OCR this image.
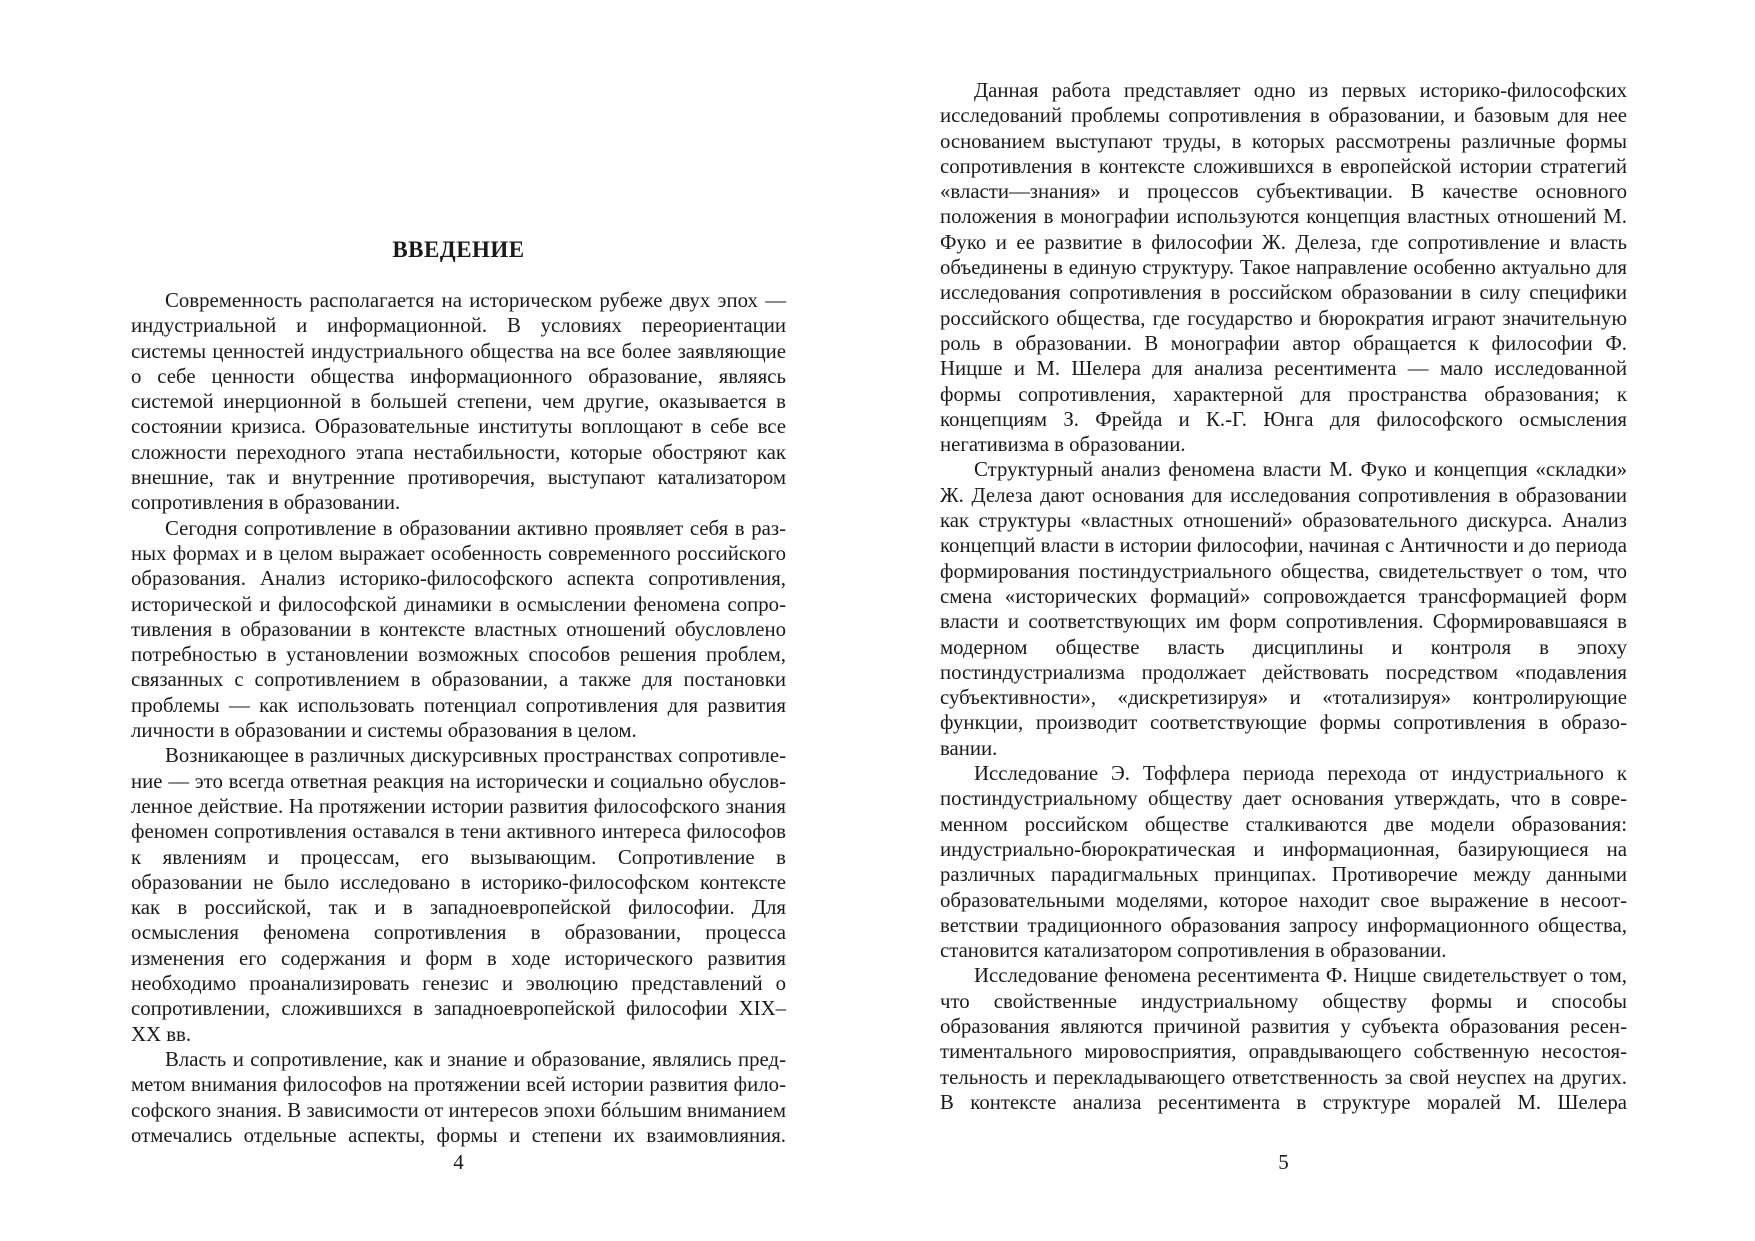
ВВЕДЕНИЕ

Современность располагается на историческом рубеже двух эпох — индустриальной и информационной. В условиях переориентации системы ценностей индустриального общества на все более заявляющие о себе ценности общества информационного образование, являясь системой инерционной в большей степени, чем другие, оказывается в состоянии кризиса. Образовательные институты воплощают в себе все сложности переходного этапа нестабильности, которые обостряют как внешние, так и внутренние противоречия, выступают катализатором сопротивления в образовании.

Сегодня сопротивление в образовании активно проявляет себя в разных формах и в целом выражает особенность современного российского образования. Анализ историко-философского аспекта сопротивления, исторической и философской динамики в осмыслении феномена сопротивления в образовании в контексте властных отношений обусловлено потребностью в установлении возможных способов решения проблем, связанных с сопротивлением в образовании, а также для постановки проблемы — как использовать потенциал сопротивления для развития личности в образовании и системы образования в целом.

Возникающее в различных дискурсивных пространствах сопротивление — это всегда ответная реакция на исторически и социально обусловленное действие. На протяжении истории развития философского знания феномен сопротивления оставался в тени активного интереса философов к явлениям и процессам, его вызывающим. Сопротивление в образовании не было исследовано в историко-философском контексте как в российской, так и в западноевропейской философии. Для осмысления феномена сопротивления в образовании, процесса изменения его содержания и форм в ходе исторического развития необходимо проанализировать генезис и эволюцию представлений о сопротивлении, сложившихся в западноевропейской философии XIX–XX вв.

Власть и сопротивление, как и знание и образование, являлись предметом внимания философов на протяжении всей истории развития философского знания. В зависимости от интересов эпохи бóльшим вниманием отмечались отдельные аспекты, формы и степени их взаимовлияния.

4

Данная работа представляет одно из первых историко-философских исследований проблемы сопротивления в образовании, и базовым для нее основанием выступают труды, в которых рассмотрены различные формы сопротивления в контексте сложившихся в европейской истории стратегий «власти—знания» и процессов субъективации. В качестве основного положения в монографии используются концепция властных отношений М. Фуко и ее развитие в философии Ж. Делеза, где сопротивление и власть объединены в единую структуру. Такое направление особенно актуально для исследования сопротивления в российском образовании в силу специфики российского общества, где государство и бюрократия играют значительную роль в образовании. В монографии автор обращается к философии Ф. Ницше и М. Шелера для анализа ресентимента — мало исследованной формы сопротивления, характерной для пространства образования; к концепциям З. Фрейда и К.-Г. Юнга для философского осмысления негативизма в образовании.

Структурный анализ феномена власти М. Фуко и концепция «складки» Ж. Делеза дают основания для исследования сопротивления в образовании как структуры «властных отношений» образовательного дискурса. Анализ концепций власти в истории философии, начиная с Античности и до периода формирования постиндустриального общества, свидетельствует о том, что смена «исторических формаций» сопровождается трансформацией форм власти и соответствующих им форм сопротивления. Сформировавшаяся в модерном обществе власть дисциплины и контроля в эпоху постиндустриализма продолжает действовать посредством «подавления субъективности», «дискретизируя» и «тотализируя» контролирующие функции, производит соответствующие формы сопротивления в образовании.

Исследование Э. Тоффлера периода перехода от индустриального к постиндустриальному обществу дает основания утверждать, что в современном российском обществе сталкиваются две модели образования: индустриально-бюрократическая и информационная, базирующиеся на различных парадигмальных принципах. Противоречие между данными образовательными моделями, которое находит свое выражение в несоответствии традиционного образования запросу информационного общества, становится катализатором сопротивления в образовании.

Исследование феномена ресентимента Ф. Ницше свидетельствует о том, что свойственные индустриальному обществу формы и способы образования являются причиной развития у субъекта образования ресентиментального мировосприятия, оправдывающего собственную несостоятельность и перекладывающего ответственность за свой неуспех на других. В контексте анализа ресентимента в структуре моралей М. Шелера

5
